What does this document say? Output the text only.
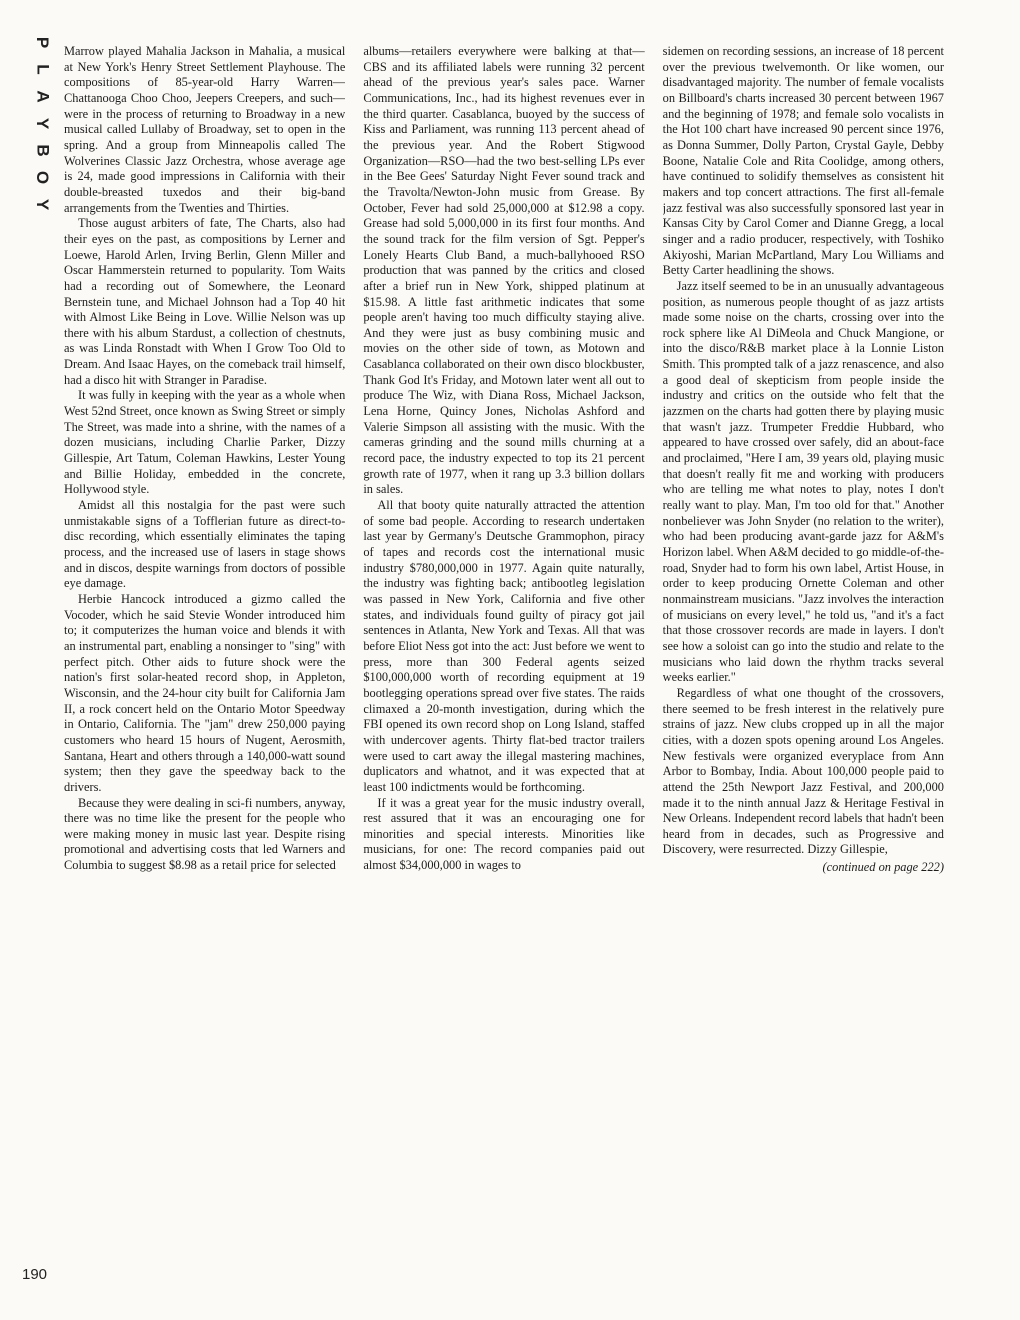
P
L
A
Y
B
O
Y
190

Marrow played Mahalia Jackson in Mahalia, a musical at New York's Henry Street Settlement Playhouse. The compositions of 85-year-old Harry Warren—Chattanooga Choo Choo, Jeepers Creepers, and such—were in the process of returning to Broadway in a new musical called Lullaby of Broadway, set to open in the spring. And a group from Minneapolis called The Wolverines Classic Jazz Orchestra, whose average age is 24, made good impressions in California with their double-breasted tuxedos and their big-band arrangements from the Twenties and Thirties.

Those august arbiters of fate, The Charts, also had their eyes on the past, as compositions by Lerner and Loewe, Harold Arlen, Irving Berlin, Glenn Miller and Oscar Hammerstein returned to popularity. Tom Waits had a recording out of Somewhere, the Leonard Bernstein tune, and Michael Johnson had a Top 40 hit with Almost Like Being in Love. Willie Nelson was up there with his album Stardust, a collection of chestnuts, as was Linda Ronstadt with When I Grow Too Old to Dream. And Isaac Hayes, on the comeback trail himself, had a disco hit with Stranger in Paradise.

It was fully in keeping with the year as a whole when West 52nd Street, once known as Swing Street or simply The Street, was made into a shrine, with the names of a dozen musicians, including Charlie Parker, Dizzy Gillespie, Art Tatum, Coleman Hawkins, Lester Young and Billie Holiday, embedded in the concrete, Hollywood style.

Amidst all this nostalgia for the past were such unmistakable signs of a Tofflerian future as direct-to-disc recording, which essentially eliminates the taping process, and the increased use of lasers in stage shows and in discos, despite warnings from doctors of possible eye damage.

Herbie Hancock introduced a gizmo called the Vocoder, which he said Stevie Wonder introduced him to; it computerizes the human voice and blends it with an instrumental part, enabling a nonsinger to "sing" with perfect pitch. Other aids to future shock were the nation's first solar-heated record shop, in Appleton, Wisconsin, and the 24-hour city built for California Jam II, a rock concert held on the Ontario Motor Speedway in Ontario, California. The "jam" drew 250,000 paying customers who heard 15 hours of Nugent, Aerosmith, Santana, Heart and others through a 140,000-watt sound system; then they gave the speedway back to the drivers.

Because they were dealing in sci-fi numbers, anyway, there was no time like the present for the people who were making money in music last year. Despite rising promotional and advertising costs that led Warners and Columbia to suggest $8.98 as a retail price for selected

albums—retailers everywhere were balking at that—CBS and its affiliated labels were running 32 percent ahead of the previous year's sales pace. Warner Communications, Inc., had its highest revenues ever in the third quarter. Casablanca, buoyed by the success of Kiss and Parliament, was running 113 percent ahead of the previous year. And the Robert Stigwood Organization—RSO—had the two best-selling LPs ever in the Bee Gees' Saturday Night Fever sound track and the Travolta/Newton-John music from Grease. By October, Fever had sold 25,000,000 at $12.98 a copy. Grease had sold 5,000,000 in its first four months. And the sound track for the film version of Sgt. Pepper's Lonely Hearts Club Band, a much-ballyhooed RSO production that was panned by the critics and closed after a brief run in New York, shipped platinum at $15.98. A little fast arithmetic indicates that some people aren't having too much difficulty staying alive. And they were just as busy combining music and movies on the other side of town, as Motown and Casablanca collaborated on their own disco blockbuster, Thank God It's Friday, and Motown later went all out to produce The Wiz, with Diana Ross, Michael Jackson, Lena Horne, Quincy Jones, Nicholas Ashford and Valerie Simpson all assisting with the music. With the cameras grinding and the sound mills churning at a record pace, the industry expected to top its 21 percent growth rate of 1977, when it rang up 3.3 billion dollars in sales.

All that booty quite naturally attracted the attention of some bad people. According to research undertaken last year by Germany's Deutsche Grammophon, piracy of tapes and records cost the international music industry $780,000,000 in 1977. Again quite naturally, the industry was fighting back; antibootleg legislation was passed in New York, California and five other states, and individuals found guilty of piracy got jail sentences in Atlanta, New York and Texas. All that was before Eliot Ness got into the act: Just before we went to press, more than 300 Federal agents seized $100,000,000 worth of recording equipment at 19 bootlegging operations spread over five states. The raids climaxed a 20-month investigation, during which the FBI opened its own record shop on Long Island, staffed with undercover agents. Thirty flat-bed tractor trailers were used to cart away the illegal mastering machines, duplicators and whatnot, and it was expected that at least 100 indictments would be forthcoming.

If it was a great year for the music industry overall, rest assured that it was an encouraging one for minorities and special interests. Minorities like musicians, for one: The record companies paid out almost $34,000,000 in wages to

sidemen on recording sessions, an increase of 18 percent over the previous twelvemonth. Or like women, our disadvantaged majority. The number of female vocalists on Billboard's charts increased 30 percent between 1967 and the beginning of 1978; and female solo vocalists in the Hot 100 chart have increased 90 percent since 1976, as Donna Summer, Dolly Parton, Crystal Gayle, Debby Boone, Natalie Cole and Rita Coolidge, among others, have continued to solidify themselves as consistent hit makers and top concert attractions. The first all-female jazz festival was also successfully sponsored last year in Kansas City by Carol Comer and Dianne Gregg, a local singer and a radio producer, respectively, with Toshiko Akiyoshi, Marian McPartland, Mary Lou Williams and Betty Carter headlining the shows.

Jazz itself seemed to be in an unusually advantageous position, as numerous people thought of as jazz artists made some noise on the charts, crossing over into the rock sphere like Al DiMeola and Chuck Mangione, or into the disco/R&B market place à la Lonnie Liston Smith. This prompted talk of a jazz renascence, and also a good deal of skepticism from people inside the industry and critics on the outside who felt that the jazzmen on the charts had gotten there by playing music that wasn't jazz. Trumpeter Freddie Hubbard, who appeared to have crossed over safely, did an about-face and proclaimed, "Here I am, 39 years old, playing music that doesn't really fit me and working with producers who are telling me what notes to play, notes I don't really want to play. Man, I'm too old for that." Another nonbeliever was John Snyder (no relation to the writer), who had been producing avant-garde jazz for A&M's Horizon label. When A&M decided to go middle-of-the-road, Snyder had to form his own label, Artist House, in order to keep producing Ornette Coleman and other nonmainstream musicians. "Jazz involves the interaction of musicians on every level," he told us, "and it's a fact that those crossover records are made in layers. I don't see how a soloist can go into the studio and relate to the musicians who laid down the rhythm tracks several weeks earlier."

Regardless of what one thought of the crossovers, there seemed to be fresh interest in the relatively pure strains of jazz. New clubs cropped up in all the major cities, with a dozen spots opening around Los Angeles. New festivals were organized everyplace from Ann Arbor to Bombay, India. About 100,000 people paid to attend the 25th Newport Jazz Festival, and 200,000 made it to the ninth annual Jazz & Heritage Festival in New Orleans. Independent record labels that hadn't been heard from in decades, such as Progressive and Discovery, were resurrected. Dizzy Gillespie,

(continued on page 222)
